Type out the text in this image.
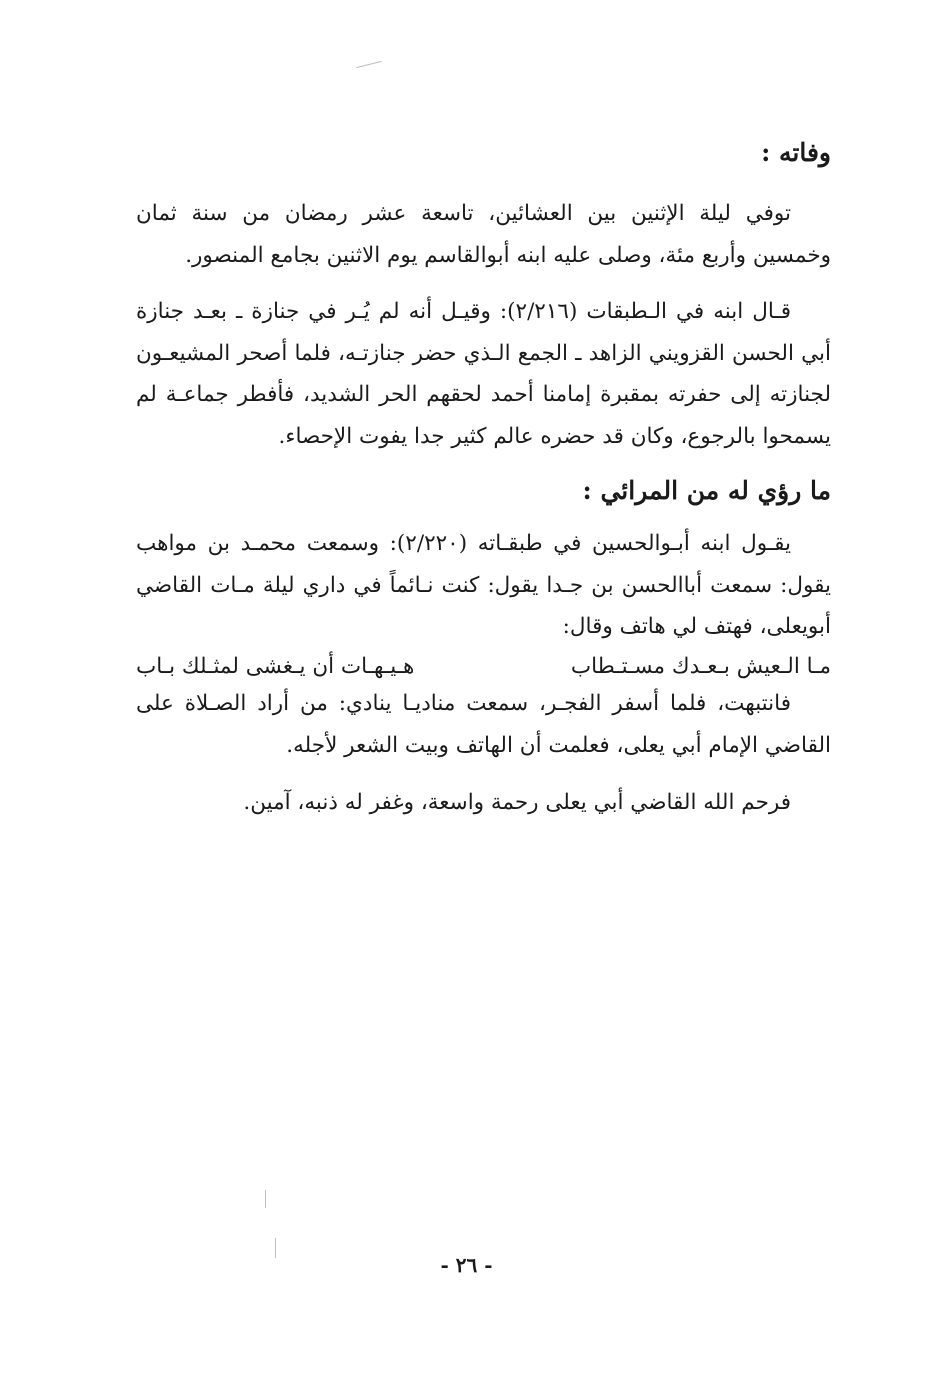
وفاته :

توفي ليلة الإثنين بين العشائين، تاسعة عشر رمضان من سنة ثمان وخمسين وأربع مئة، وصلى عليه ابنه أبوالقاسم يوم الاثنين بجامع المنصور.

قـال ابنه في الـطبقات (٢/٢١٦): وقيـل أنه لم يُـر في جنازة ـ بعـد جنازة أبي الحسن القزويني الزاهد ـ الجمع الـذي حضر جنازتـه، فلما أصحر المشيعـون لجنازته إلى حفرته بمقبرة إمامنا أحمد لحقهم الحر الشديد، فأفطر جماعـة لم يسمحوا بالرجوع، وكان قد حضره عالم كثير جدا يفوت الإحصاء.

ما رؤي له من المرائي :

يقـول ابنه أبـوالحسين في طبقـاته (٢/٢٢٠): وسمعت محمـد بن مواهب يقول: سمعت أباالحسن بن جـدا يقول: كنت نـائماً في داري ليلة مـات القاضي أبويعلى، فهتف لي هاتف وقال:

مـا الـعيش بـعـدك مسـتـطاب
هـيـهـات أن يـغشى لمثـلك بـاب

فانتبهت، فلما أسفر الفجـر، سمعت مناديـا ينادي: من أراد الصـلاة على القاضي الإمام أبي يعلى، فعلمت أن الهاتف وبيت الشعر لأجله.

فرحم الله القاضي أبي يعلى رحمة واسعة، وغفر له ذنبه، آمين.

- ٢٦ -
